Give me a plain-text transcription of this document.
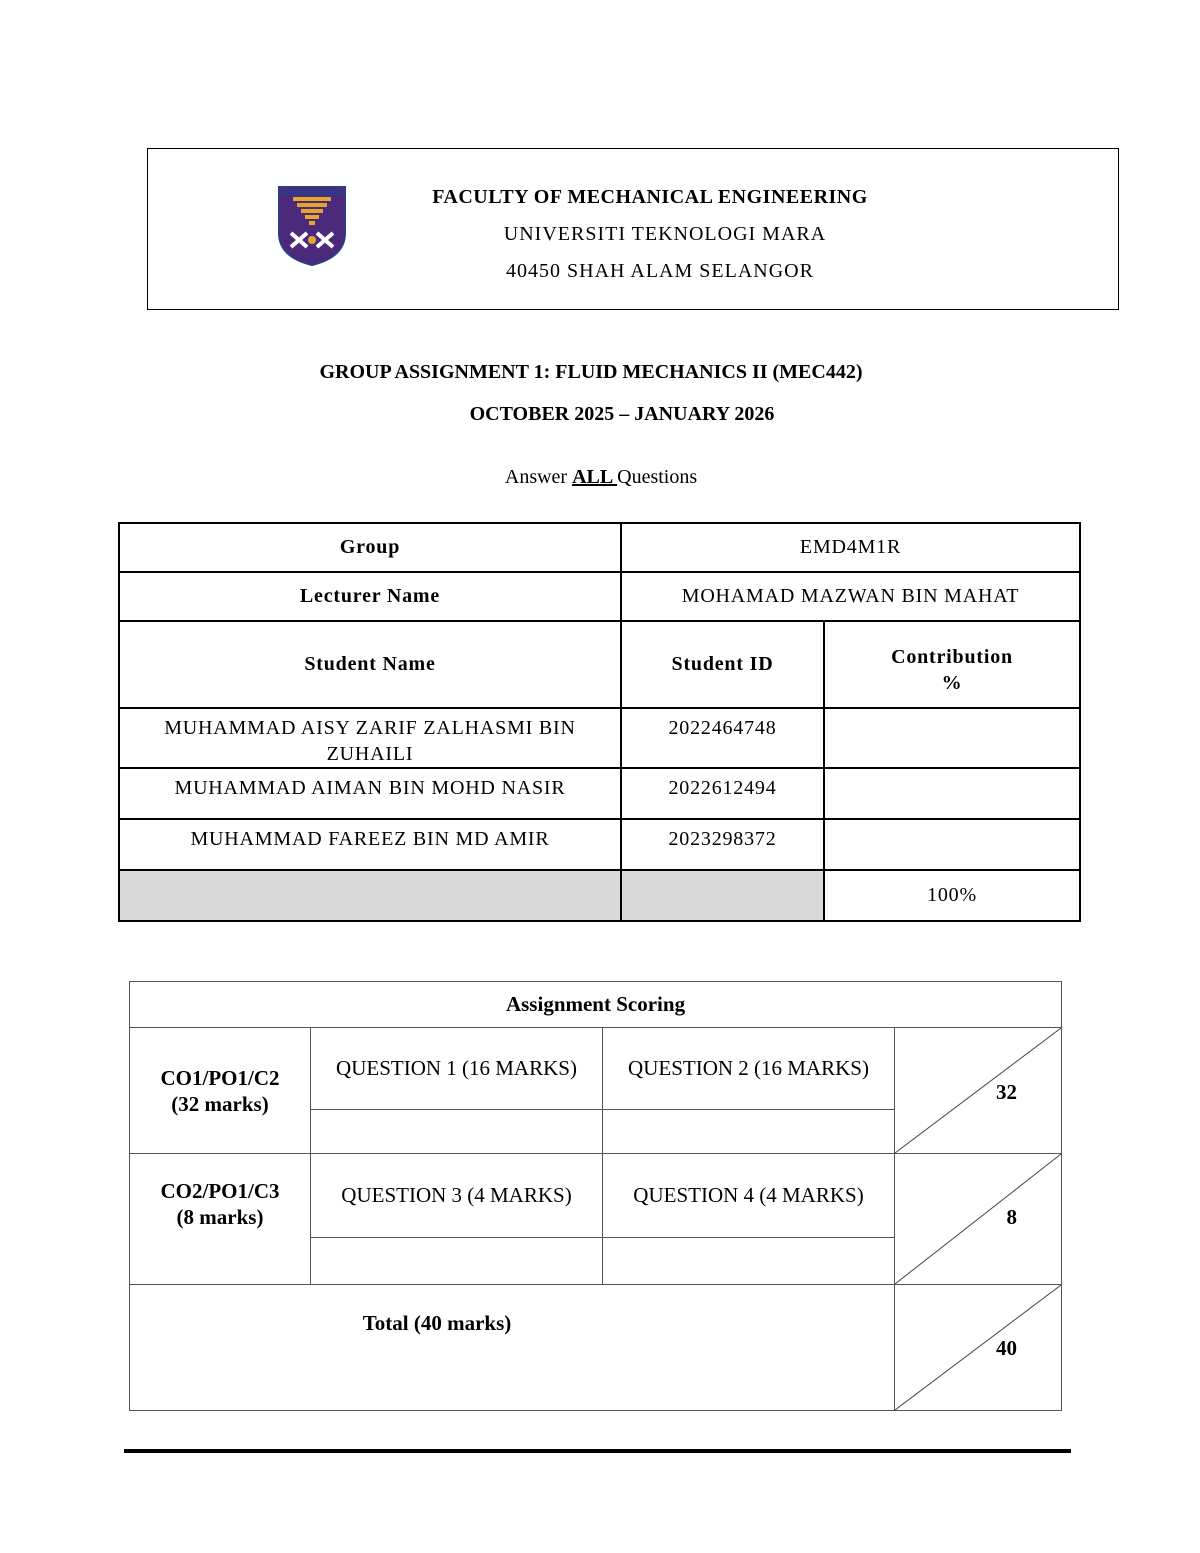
FACULTY OF MECHANICAL ENGINEERING
UNIVERSITI TEKNOLOGI MARA
40450 SHAH ALAM SELANGOR
GROUP ASSIGNMENT 1: FLUID MECHANICS II (MEC442)
OCTOBER 2025 – JANUARY 2026
Answer ALL Questions
Group	EMD4M1R	
Lecturer Name	MOHAMAD MAZWAN BIN MAHAT	
Student Name	Student ID	Contribution
%
MUHAMMAD AISY ZARIF ZALHASMI BIN ZUHAILI	2022464748	
MUHAMMAD AIMAN BIN MOHD NASIR	2022612494	
MUHAMMAD FAREEZ BIN MD AMIR	2023298372	
		100%
Assignment Scoring			
CO1/PO1/C2
(32 marks)	QUESTION 1 (16 MARKS)	QUESTION 2 (16 MARKS)	32

CO2/PO1/C3
(8 marks)	QUESTION 3 (4 MARKS)	QUESTION 4 (4 MARKS)	8

Total (40 marks)			40
